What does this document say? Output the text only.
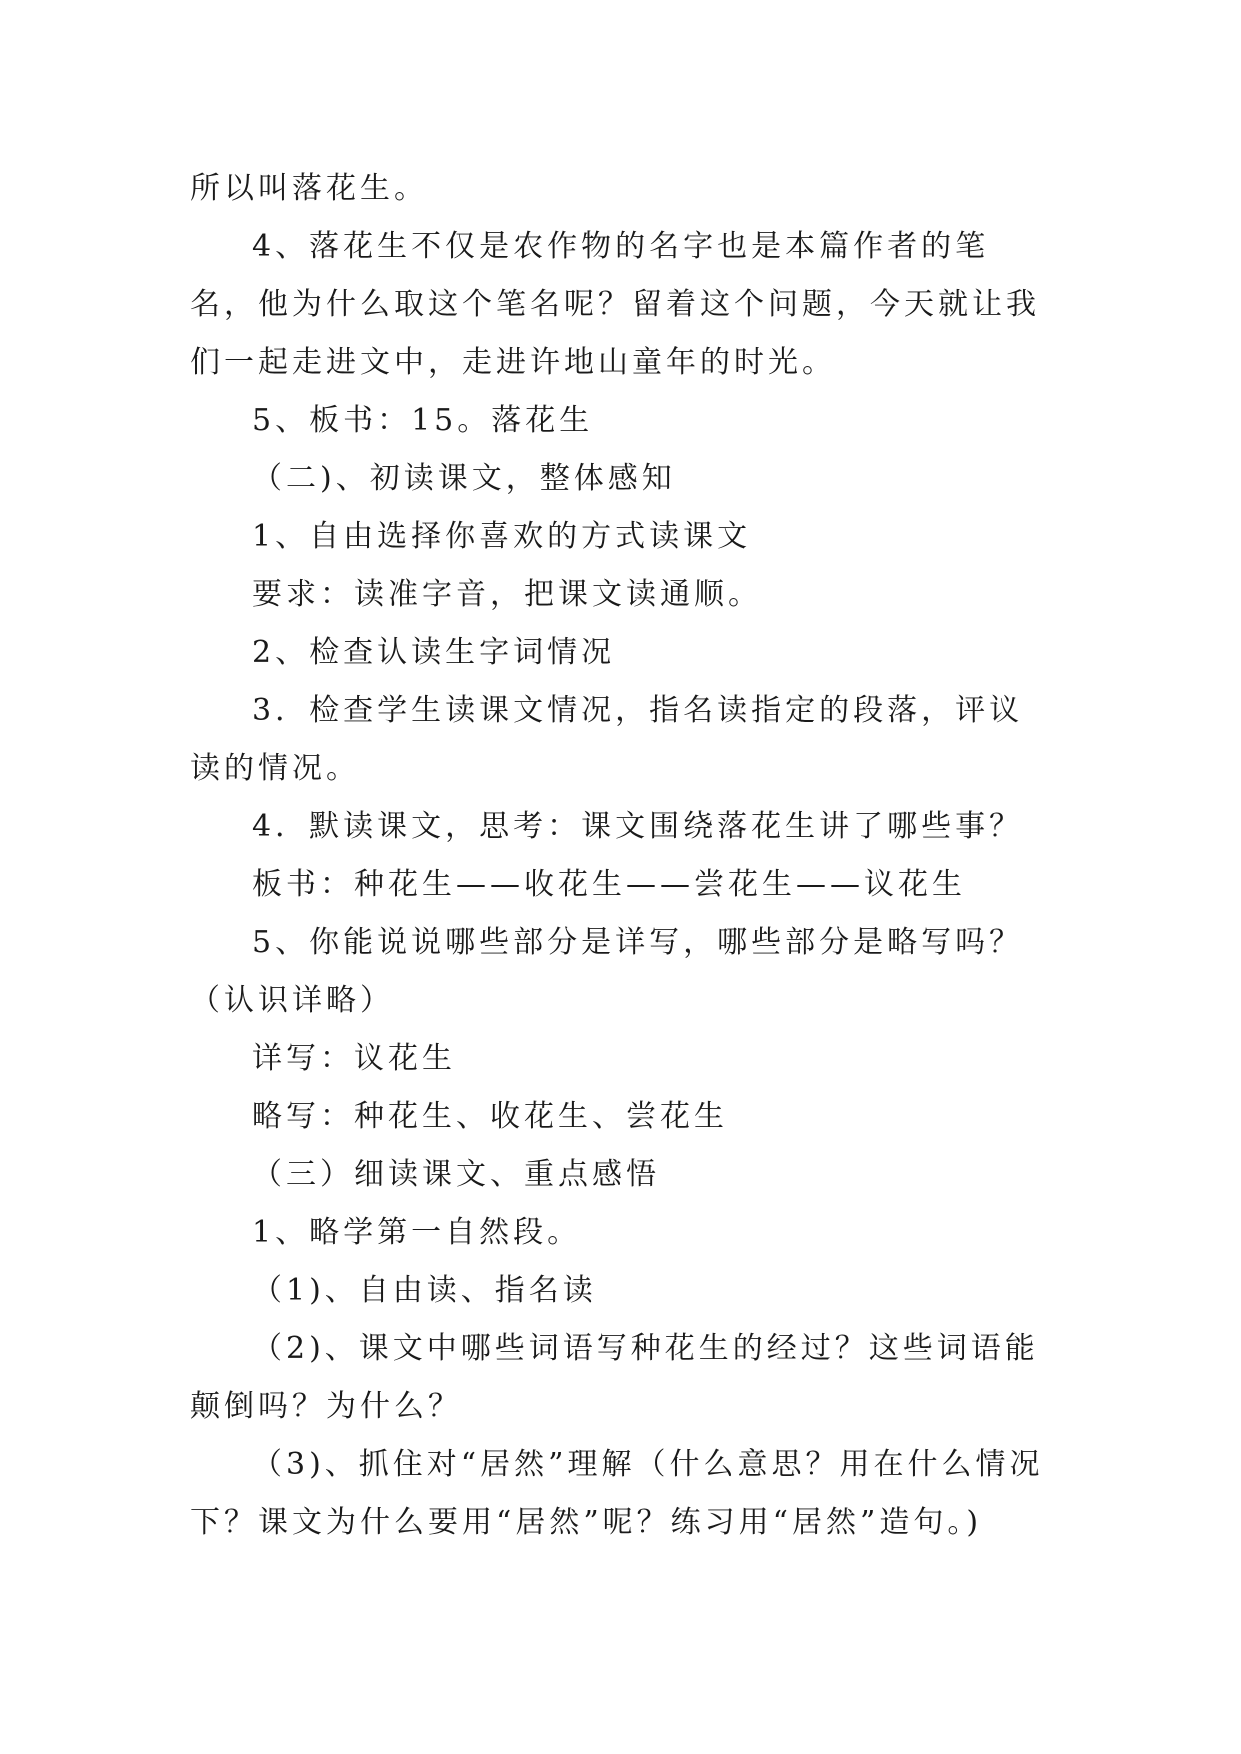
所以叫落花生。

4、落花生不仅是农作物的名字也是本篇作者的笔名，他为什么取这个笔名呢？留着这个问题，今天就让我们一起走进文中，走进许地山童年的时光。

5、板书：15。落花生

（二)、初读课文，整体感知

1、自由选择你喜欢的方式读课文

要求：读准字音，把课文读通顺。

2、检查认读生字词情况

3．检查学生读课文情况，指名读指定的段落，评议读的情况。

4．默读课文，思考：课文围绕落花生讲了哪些事？

板书：种花生——收花生——尝花生——议花生

5、你能说说哪些部分是详写，哪些部分是略写吗？（认识详略）

详写：议花生

略写：种花生、收花生、尝花生

（三）细读课文、重点感悟

1、略学第一自然段。

（1)、自由读、指名读

（2)、课文中哪些词语写种花生的经过？这些词语能颠倒吗？为什么？

（3)、抓住对“居然”理解（什么意思？用在什么情况下？课文为什么要用“居然”呢？练习用“居然”造句。)
